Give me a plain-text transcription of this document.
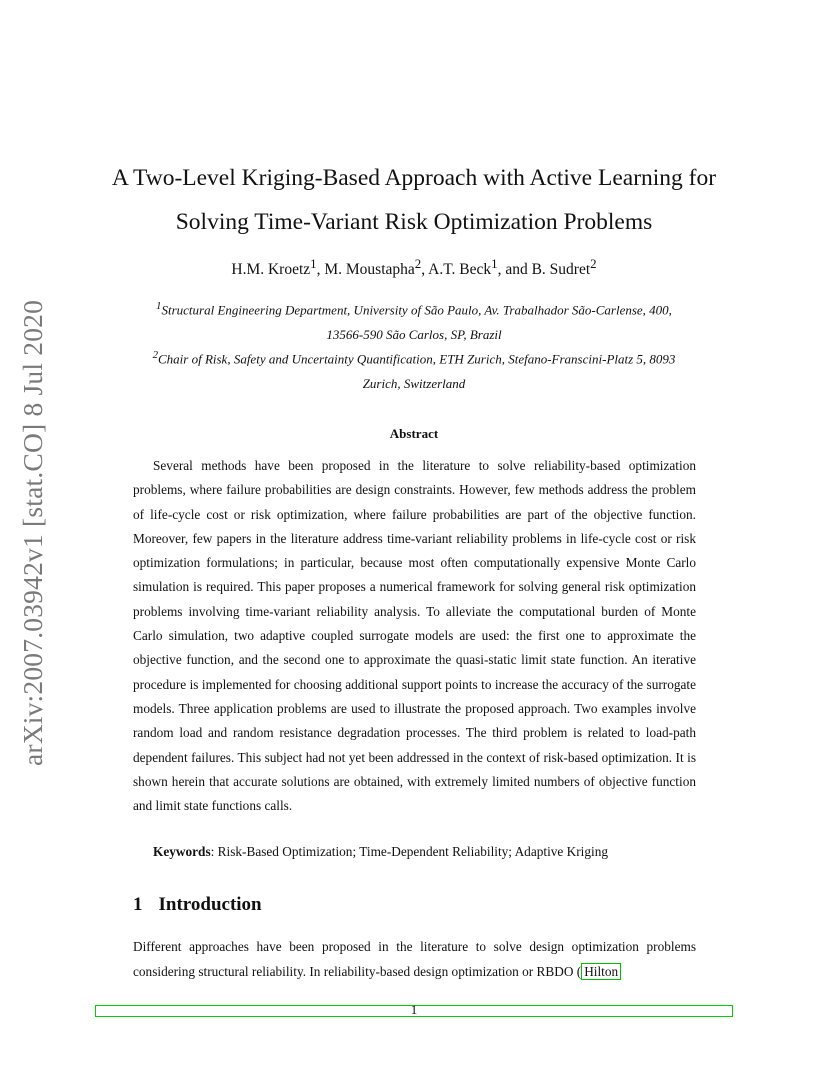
arXiv:2007.03942v1 [stat.CO] 8 Jul 2020
A Two-Level Kriging-Based Approach with Active Learning for
Solving Time-Variant Risk Optimization Problems
H.M. Kroetz$^1$, M. Moustapha$^2$, A.T. Beck$^1$, and B. Sudret$^2$
$^1$Structural Engineering Department, University of São Paulo, Av. Trabalhador São-Carlense, 400,
13566-590 São Carlos, SP, Brazil
$^2$Chair of Risk, Safety and Uncertainty Quantification, ETH Zurich, Stefano-Franscini-Platz 5, 8093
Zurich, Switzerland
Abstract

Several methods have been proposed in the literature to solve reliability-based optimization problems, where failure probabilities are design constraints. However, few methods address the problem of life-cycle cost or risk optimization, where failure probabilities are part of the objective function. Moreover, few papers in the literature address time-variant reliability problems in life-cycle cost or risk optimization formulations; in particular, because most often computationally expensive Monte Carlo simulation is required. This paper proposes a numerical framework for solving general risk optimization problems involving time-variant reliability analysis. To alleviate the computational burden of Monte Carlo simulation, two adaptive coupled surrogate models are used: the first one to approximate the objective function, and the second one to approximate the quasi-static limit state function. An iterative procedure is implemented for choosing additional support points to increase the accuracy of the surrogate models. Three application problems are used to illustrate the proposed approach. Two examples involve random load and random resistance degradation processes. The third problem is related to load-path dependent failures. This subject had not yet been addressed in the context of risk-based optimization. It is shown herein that accurate solutions are obtained, with extremely limited numbers of objective function and limit state functions calls.

Keywords: Risk-Based Optimization; Time-Dependent Reliability; Adaptive Kriging
1 Introduction

Different approaches have been proposed in the literature to solve design optimization problems considering structural reliability. In reliability-based design optimization or RBDO ( Hilton

1
